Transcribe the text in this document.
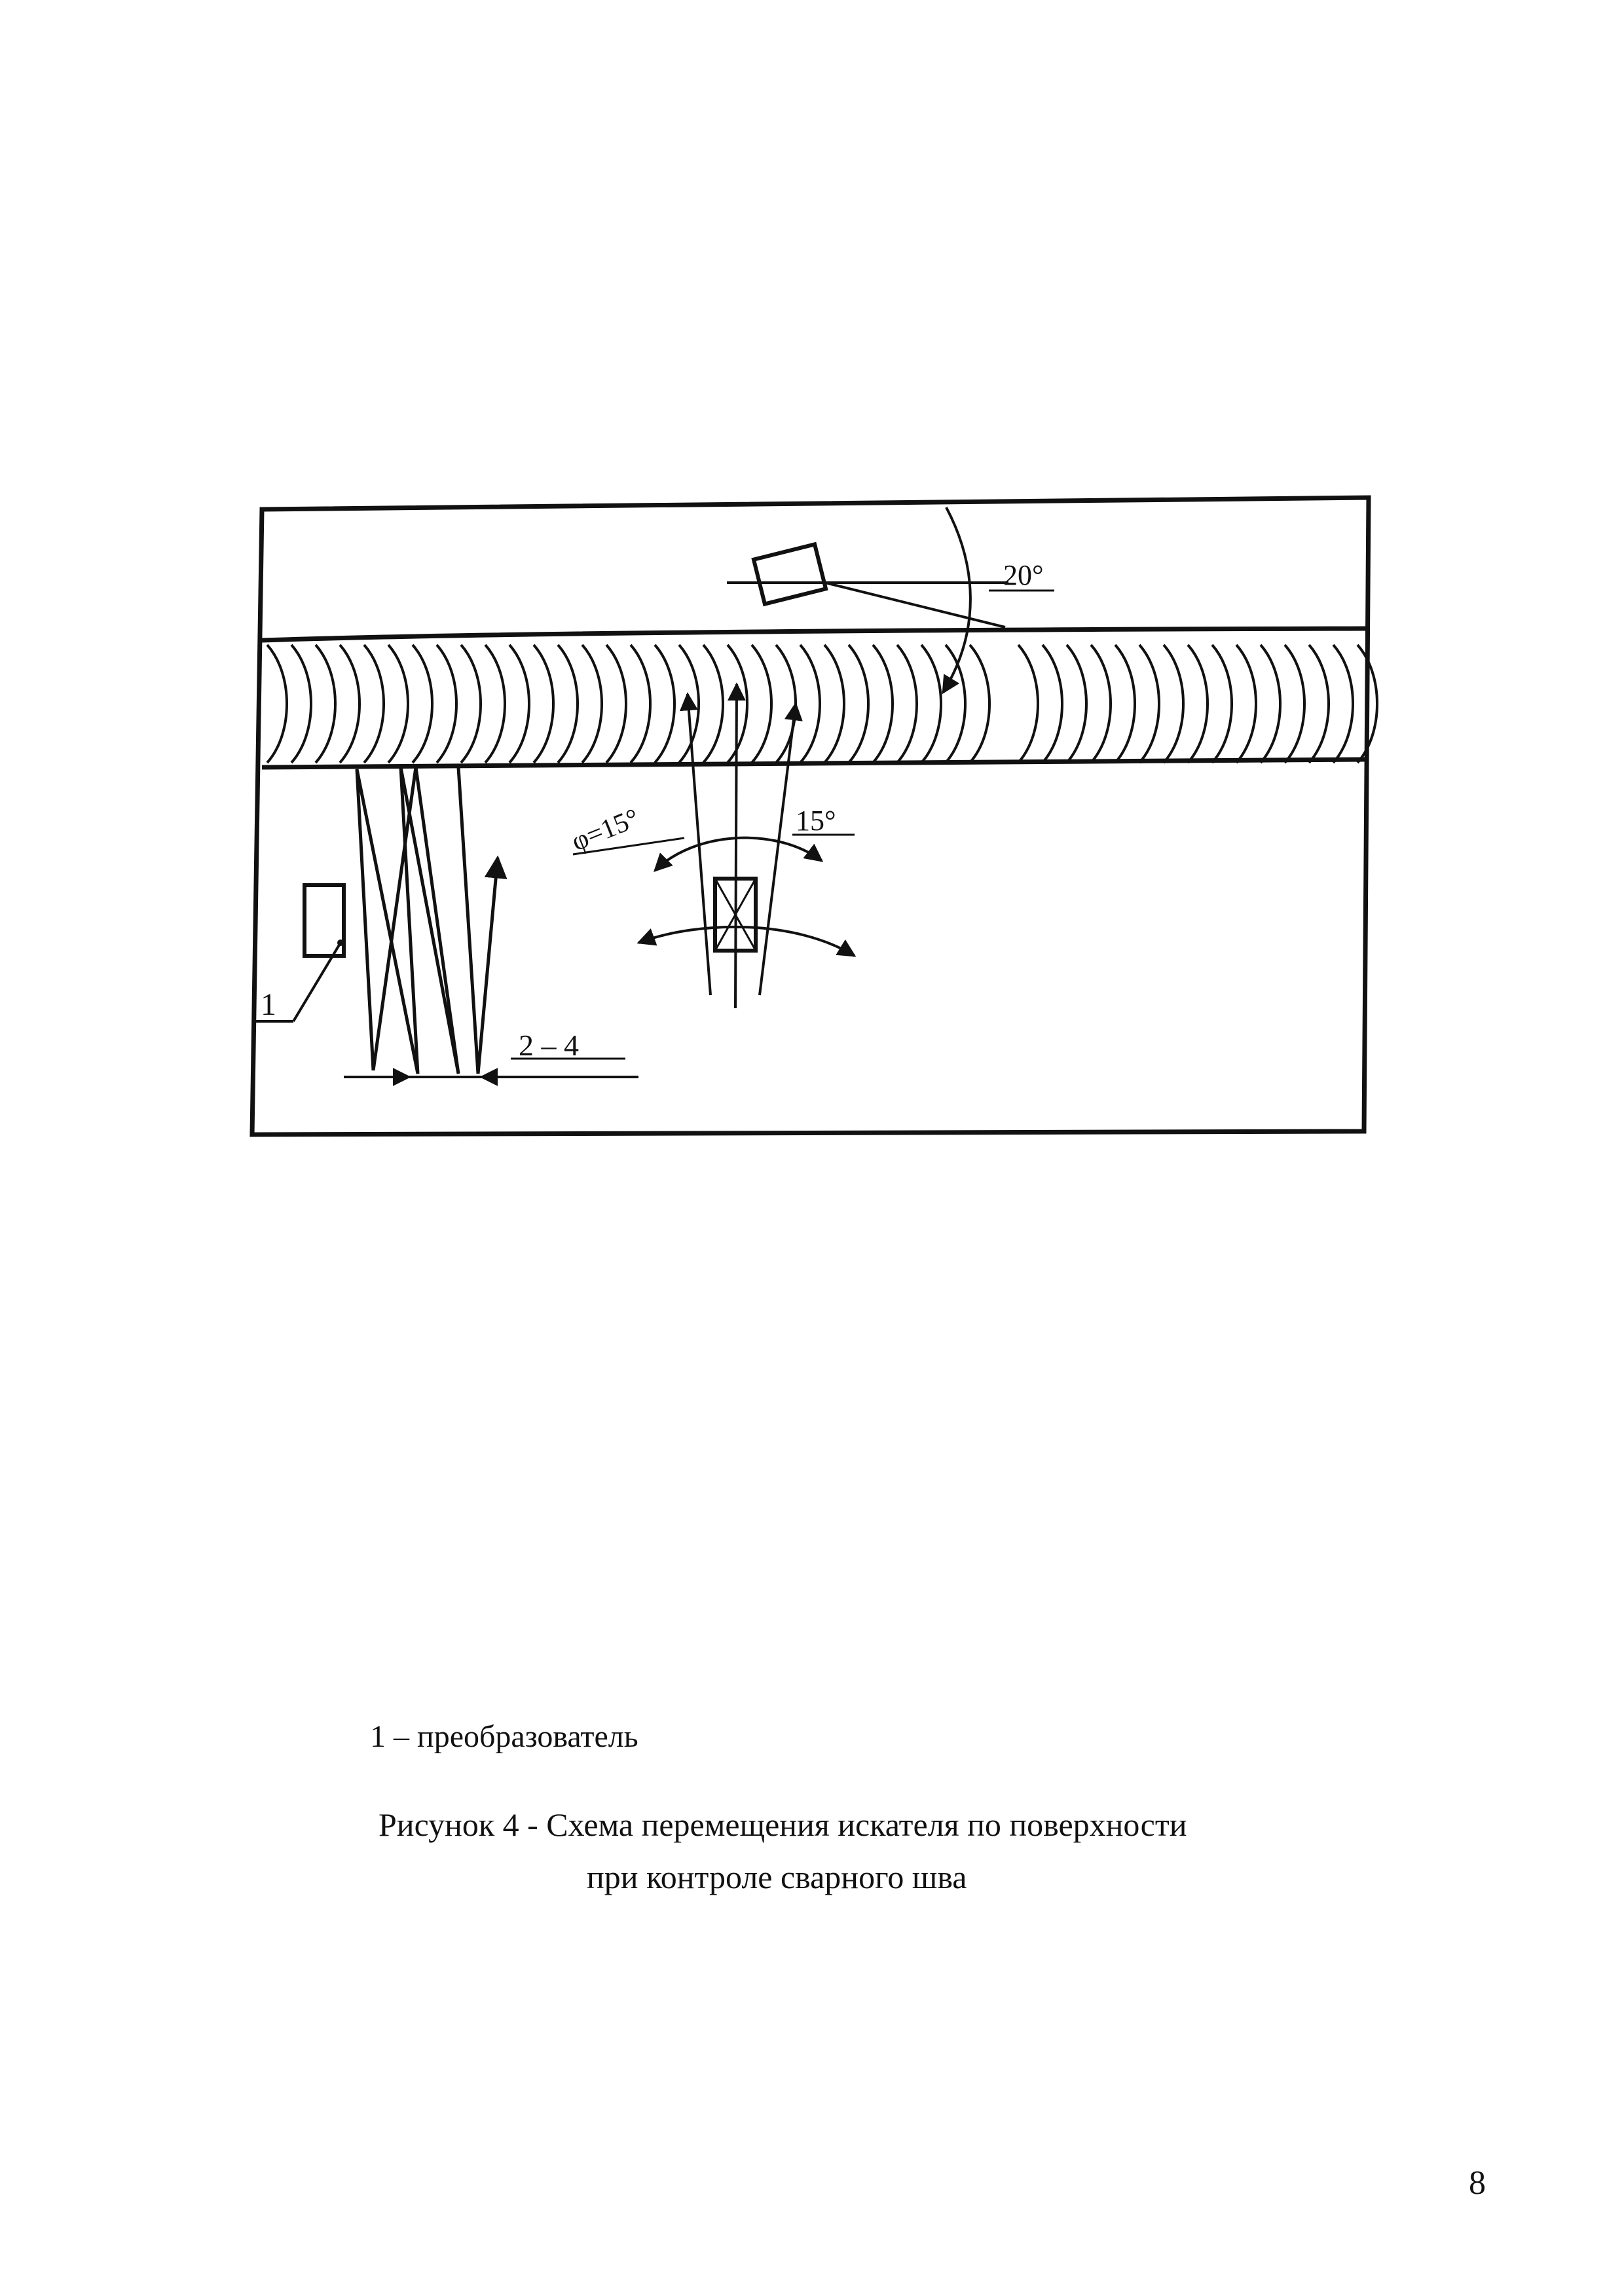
1
2 – 4
20°
φ=15°	15°
1 – преобразователь
Рисунок 4 - Схема перемещения искателя по поверхности
при контроле сварного шва
8
